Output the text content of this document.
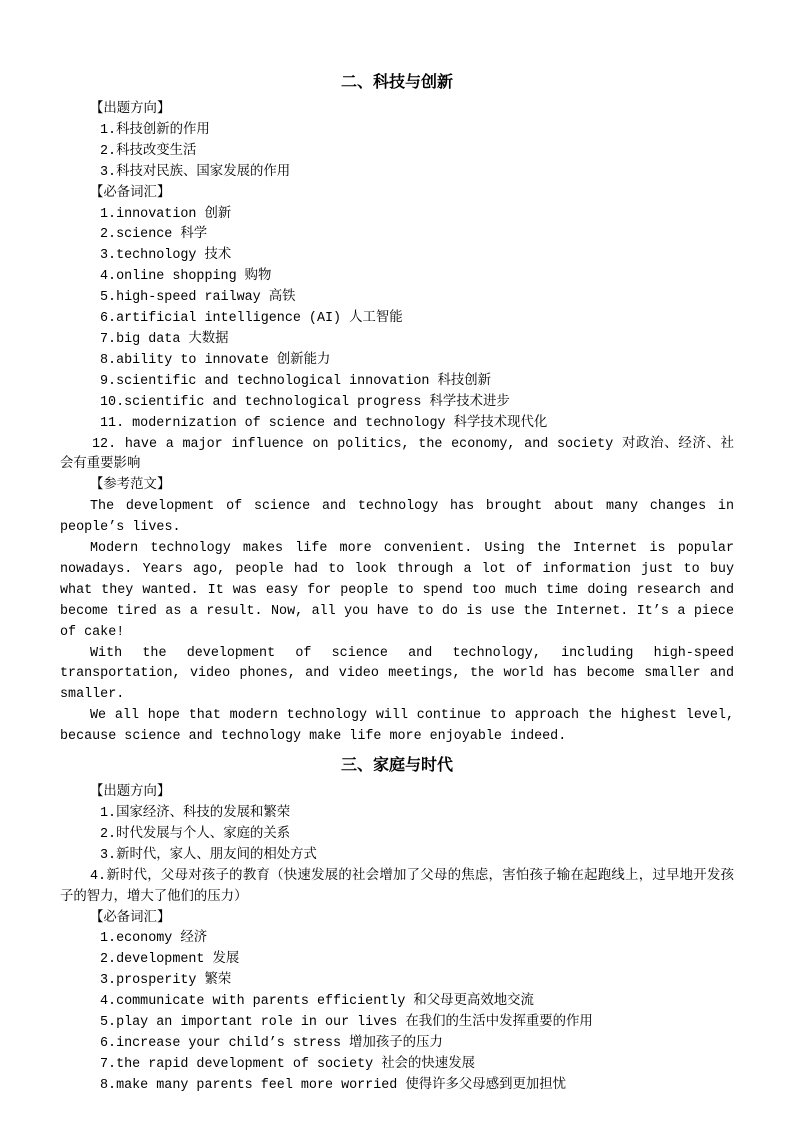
二、科技与创新
【出题方向】
1.科技创新的作用
2.科技改变生活
3.科技对民族、国家发展的作用
【必备词汇】
1.innovation 创新
2.science 科学
3.technology 技术
4.online shopping 购物
5.high-speed railway 高铁
6.artificial intelligence (AI) 人工智能
7.big data 大数据
8.ability to innovate 创新能力
9.scientific and technological innovation 科技创新
10.scientific and technological progress 科学技术进步
11. modernization of science and technology 科学技术现代化
12. have a major influence on politics, the economy, and society 对政治、经济、社会有重要影响
【参考范文】

The development of science and technology has brought about many changes in people’s lives.

Modern technology makes life more convenient. Using the Internet is popular nowadays. Years ago, people had to look through a lot of information just to buy what they wanted. It was easy for people to spend too much time doing research and become tired as a result. Now, all you have to do is use the Internet. It’s a piece of cake!

With the development of science and technology, including high-speed transportation, video phones, and video meetings, the world has become smaller and smaller.

We all hope that modern technology will continue to approach the highest level, because science and technology make life more enjoyable indeed.

三、家庭与时代
【出题方向】
1.国家经济、科技的发展和繁荣
2.时代发展与个人、家庭的关系
3.新时代，家人、朋友间的相处方式
4.新时代，父母对孩子的教育（快速发展的社会增加了父母的焦虑，害怕孩子输在起跑线上，过早地开发孩子的智力，增大了他们的压力）
【必备词汇】
1.economy 经济
2.development 发展
3.prosperity 繁荣
4.communicate with parents efficiently 和父母更高效地交流
5.play an important role in our lives 在我们的生活中发挥重要的作用
6.increase your child’s stress 增加孩子的压力
7.the rapid development of society 社会的快速发展
8.make many parents feel more worried 使得许多父母感到更加担忧
